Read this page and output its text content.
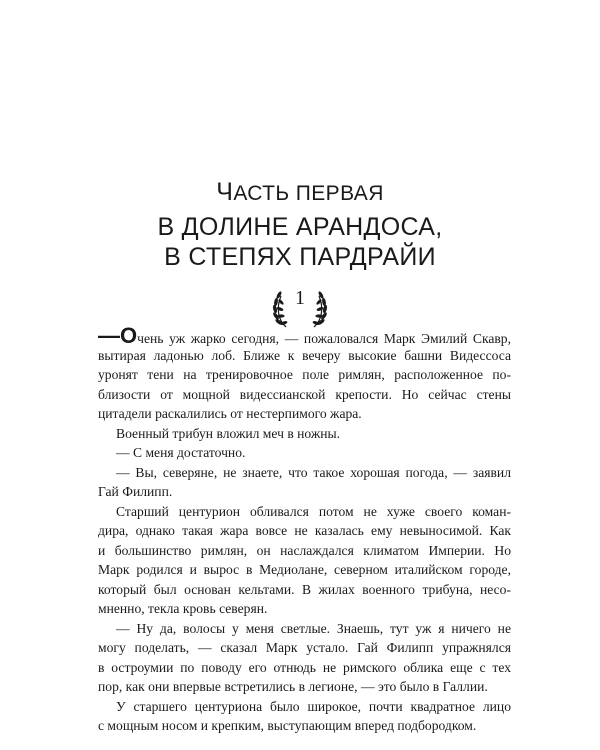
ЧАСТЬ ПЕРВАЯ
В ДОЛИНЕ АРАНДОСА,
В СТЕПЯХ ПАРДРАЙИ
1
—Очень уж жарко сегодня, — пожаловался Марк Эмилий Скавр,
вытирая ладонью лоб. Ближе к вечеру высокие башни Видессоса
уронят тени на тренировочное поле римлян, расположенное по-
близости от мощной видессианской крепости. Но сейчас стены
цитадели раскалились от нестерпимого жара.
Военный трибун вложил меч в ножны.
— С меня достаточно.
— Вы, северяне, не знаете, что такое хорошая погода, — заявил
Гай Филипп.
Старший центурион обливался потом не хуже своего коман-
дира, однако такая жара вовсе не казалась ему невыносимой. Как
и большинство римлян, он наслаждался климатом Империи. Но
Марк родился и вырос в Медиолане, северном италийском городе,
который был основан кельтами. В жилах военного трибуна, несо-
мненно, текла кровь северян.
— Ну да, волосы у меня светлые. Знаешь, тут уж я ничего не
могу поделать, — сказал Марк устало. Гай Филипп упражнялся
в остроумии по поводу его отнюдь не римского облика еще с тех
пор, как они впервые встретились в легионе, — это было в Галлии.
У старшего центуриона было широкое, почти квадратное лицо
с мощным носом и крепким, выступающим вперед подбородком.
